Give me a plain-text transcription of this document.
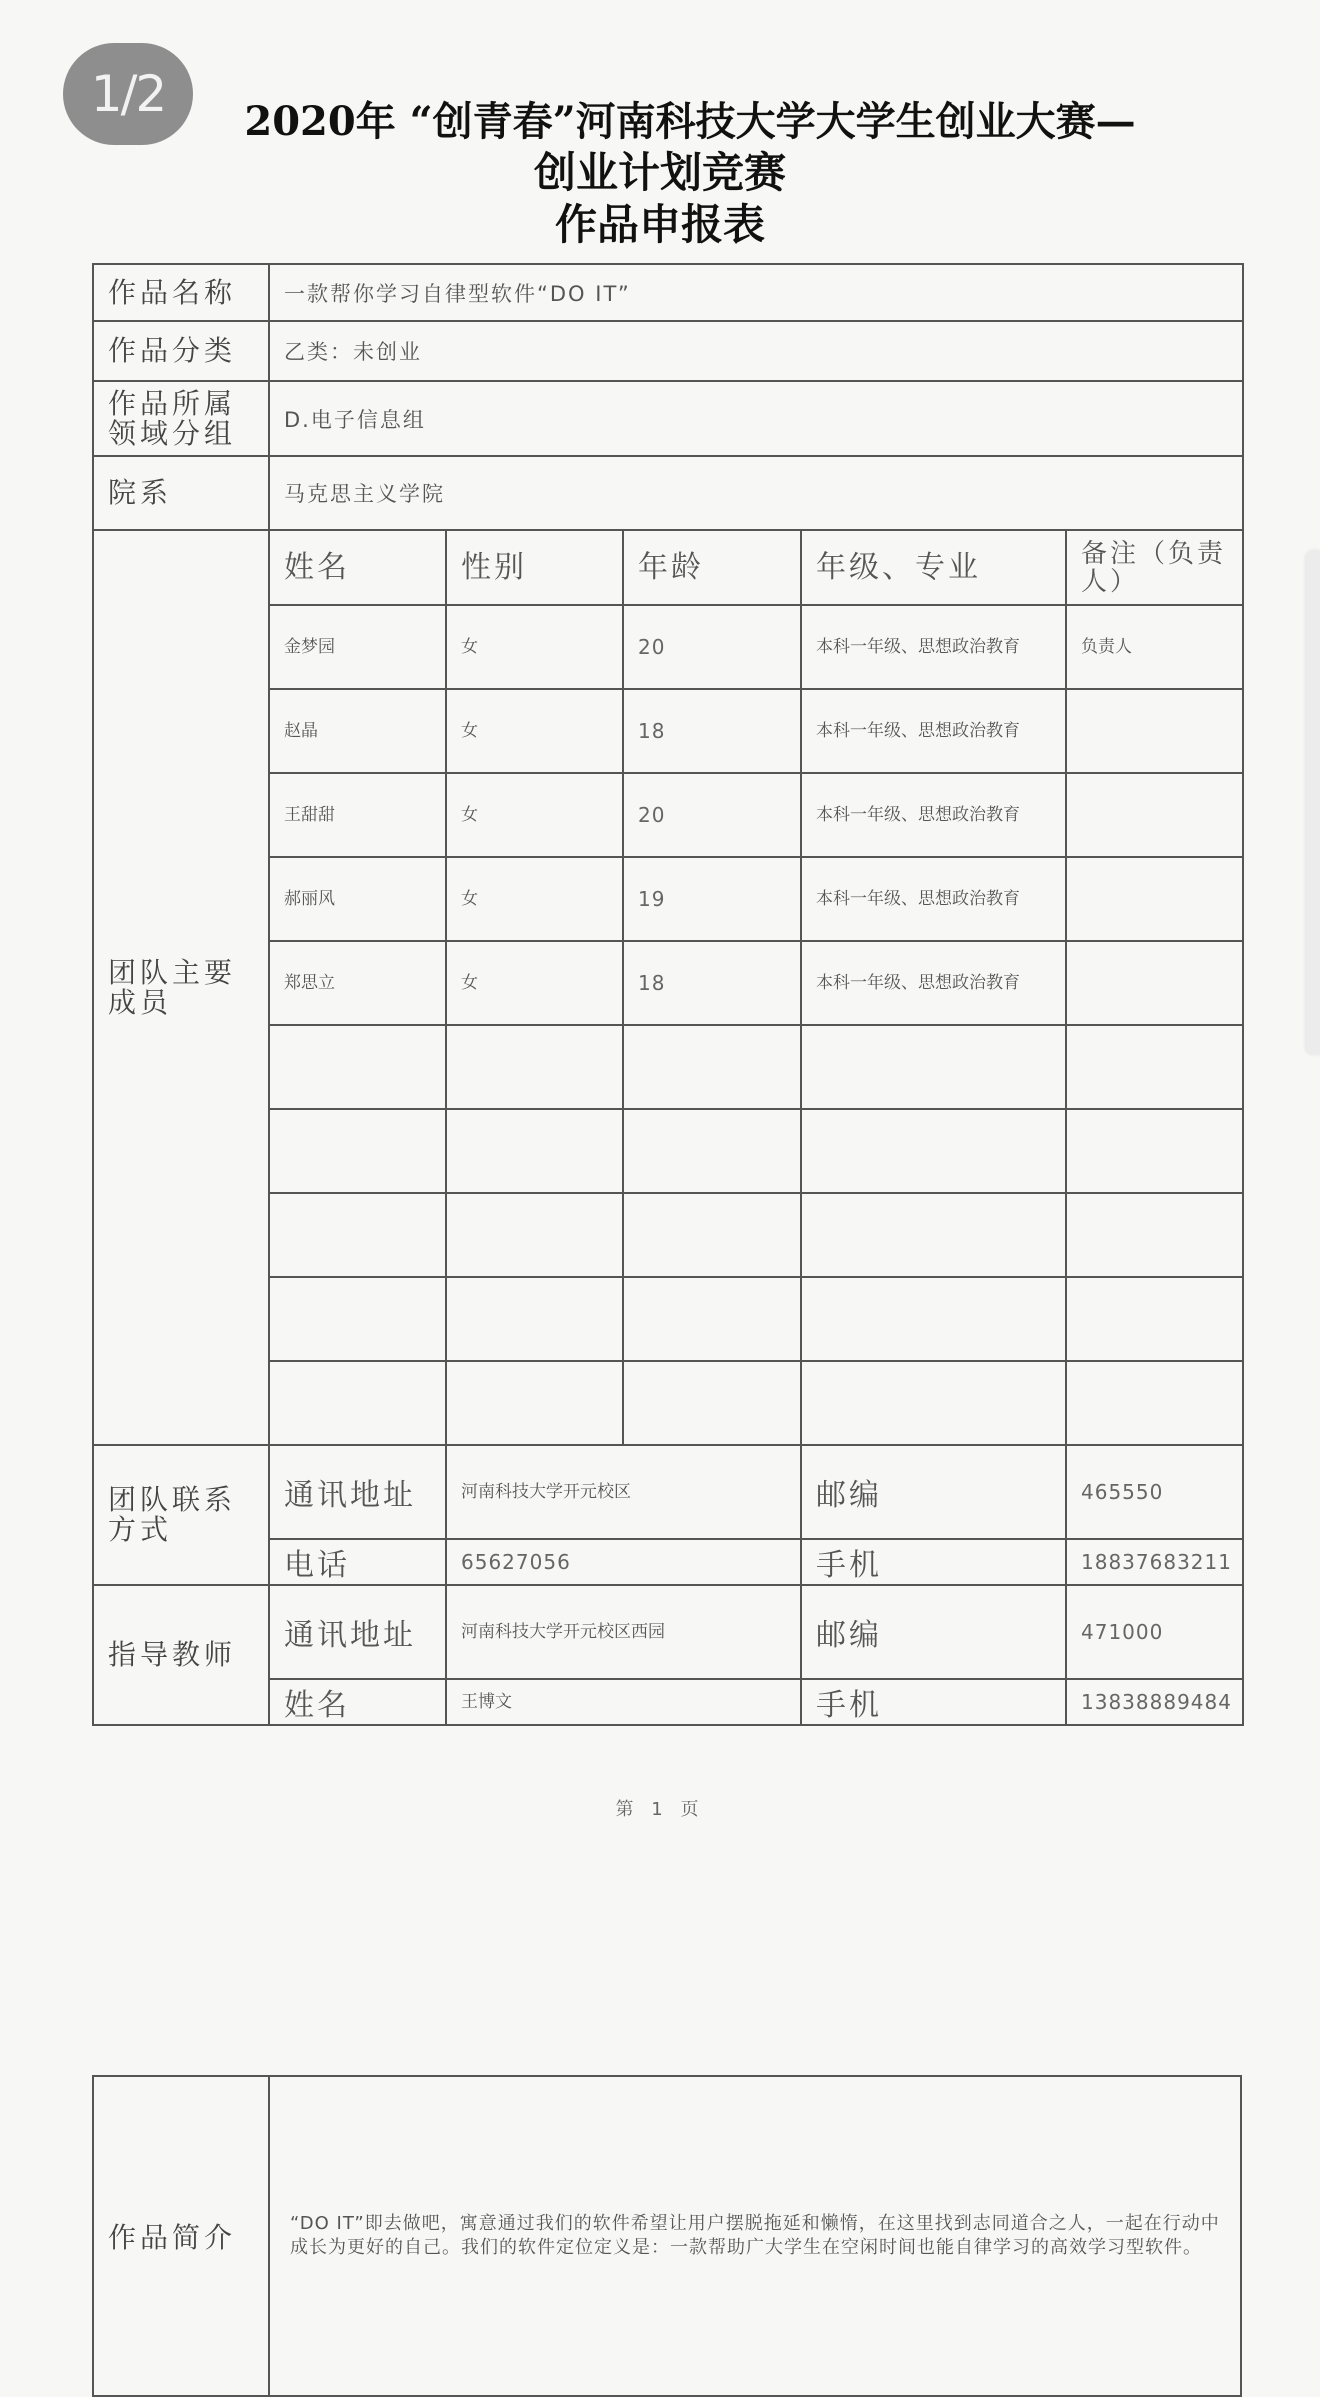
1/2	2020年 “创青春”河南科技大学大学生创业大赛—
创业计划竞赛
作品申报表
作品名称	一款帮你学习自律型软件“DO IT”				
作品分类	乙类：未创业				
作品所属领域分组	D.电子信息组				
院系	马克思主义学院				
团队主要成员	姓名	性别	年龄	年级、专业	备注（负责人）
	金梦园	女	20	本科一年级、思想政治教育	负责人
	赵晶	女	18	本科一年级、思想政治教育	
	王甜甜	女	20	本科一年级、思想政治教育	
	郝丽风	女	19	本科一年级、思想政治教育	
	郑思立	女	18	本科一年级、思想政治教育	

团队联系方式	通讯地址	河南科技大学开元校区		邮编	465550
	电话	65627056		手机	18837683211
指导教师	通讯地址	河南科技大学开元校区西园		邮编	471000
	姓名	王博文		手机	13838889484
第 1 页
作品简介	“DO IT”即去做吧，寓意通过我们的软件希望让用户摆脱拖延和懒惰，在这里找到志同道合之人，一起在行动中成长为更好的自己。我们的软件定位定义是：一款帮助广大学生在空闲时间也能自律学习的高效学习型软件。
